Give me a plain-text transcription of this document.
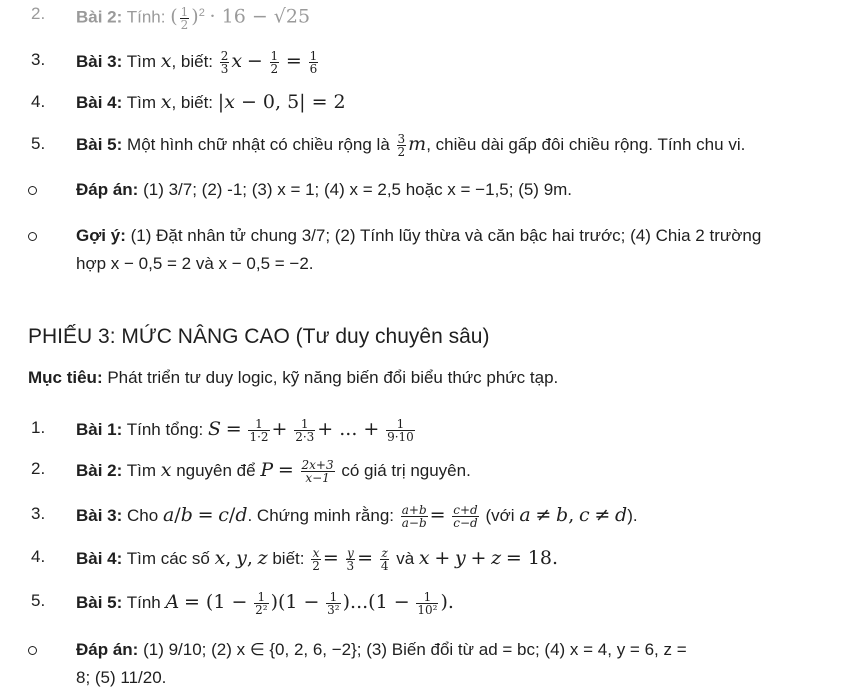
2. Bài 2: Tính: ( $\frac{1}{2} )^2 \cdot 16 - √25$
3. Bài 3: Tìm x, biết: $\frac{2}{3}$ $x - \frac{1}{2} = \frac{1}{6}$
4. Bài 4: Tìm x, biết: |x − 0, 5| = 2
5. Bài 5: Một hình chữ nhật có chiều rộng là $\frac{3}{2} m$, chiều dài gấp đôi chiều rộng. Tính chu vi.
Đáp án: (1) 3/7; (2) -1; (3) x = 1; (4) x = 2,5 hoặc x = −1,5; (5) 9m.
Gợi ý: (1) Đặt nhân tử chung 3/7; (2) Tính lũy thừa và căn bậc hai trước; (4) Chia 2 trường
hợp x − 0,5 = 2 và x − 0,5 = −2.
PHIẾU 3: MỨC NÂNG CAO (Tư duy chuyên sâu)
Mục tiêu: Phát triển tư duy logic, kỹ năng biến đổi biểu thức phức tạp.
1. Bài 1: Tính tổng: $S = \frac{1}{1\cdot 2} + \frac{1}{2\cdot 3}$ + ... + $\frac{1}{9\cdot 10}$
2. Bài 2: Tìm x nguyên để $P = \frac{2x+3}{x-1}$ có giá trị nguyên.
3. Bài 3: Cho a/b = c/d. Chứng minh rằng: $\frac{a+b}{a-b} = \frac{c+d}{c-d}$ (với a ≠ b, c ≠ d).
4. Bài 4: Tìm các số x, y, z biết: $\frac{x}{2} = \frac{y}{3} = \frac{z}{4}$ và x + y + z = 18.
5. Bài 5: Tính $A = (1 - \frac{1}{\text{2²}} )(1 - \frac{1}{\text{3²}} )...(1 - \frac{1}{\text{10²}}$ ).
Đáp án: (1) 9/10; (2) x ∈ {0, 2, 6, −2}; (3) Biến đổi từ ad = bc; (4) x = 4, y = 6, z =
8; (5) 11/20.
